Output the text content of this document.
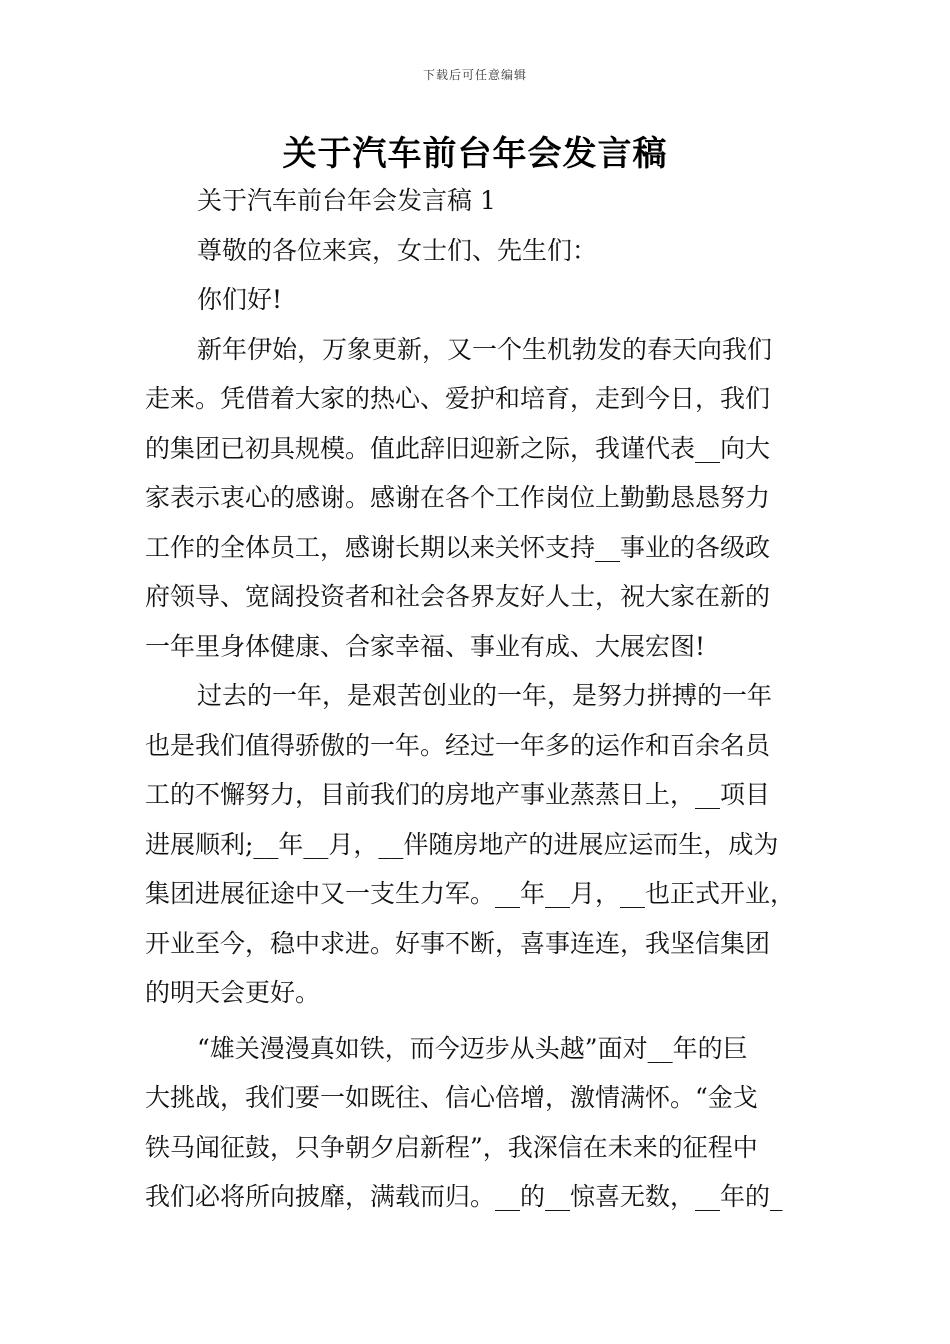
下载后可任意编辑
关于汽车前台年会发言稿
关于汽车前台年会发言稿 1
尊敬的各位来宾，女士们、先生们：
你们好!
新年伊始，万象更新，又一个生机勃发的春天向我们
走来。凭借着大家的热心、爱护和培育，走到今日，我们
的集团已初具规模。值此辞旧迎新之际，我谨代表__向大
家表示衷心的感谢。感谢在各个工作岗位上勤勤恳恳努力
工作的全体员工，感谢长期以来关怀支持__事业的各级政
府领导、宽阔投资者和社会各界友好人士，祝大家在新的
一年里身体健康、合家幸福、事业有成、大展宏图!
过去的一年，是艰苦创业的一年，是努力拼搏的一年
也是我们值得骄傲的一年。经过一年多的运作和百余名员
工的不懈努力，目前我们的房地产事业蒸蒸日上，__项目
进展顺利;__年__月，__伴随房地产的进展应运而生，成为
集团进展征途中又一支生力军。__年__月，__也正式开业，
开业至今，稳中求进。好事不断，喜事连连，我坚信集团
的明天会更好。
“雄关漫漫真如铁，而今迈步从头越”面对__年的巨
大挑战，我们要一如既往、信心倍增，激情满怀。“金戈
铁马闻征鼓，只争朝夕启新程”，我深信在未来的征程中
我们必将所向披靡，满载而归。__的__惊喜无数，__年的_
